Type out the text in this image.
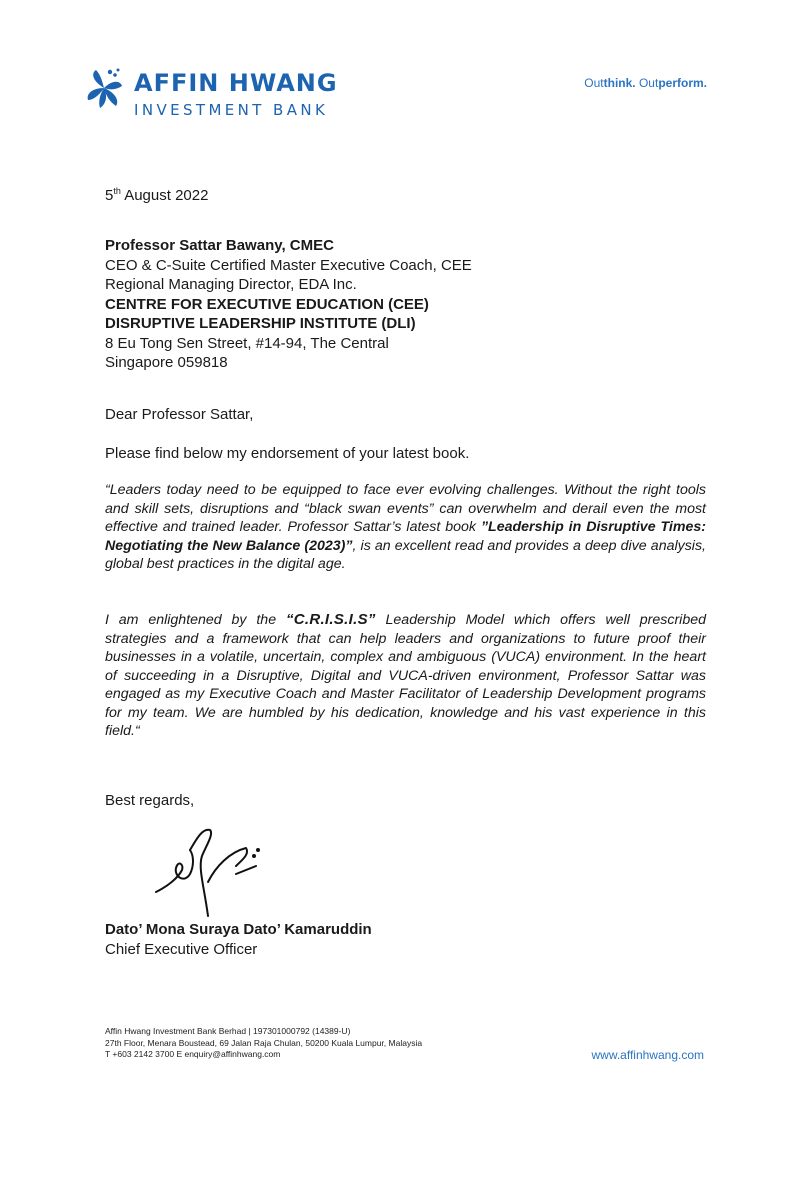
AFFIN HWANG
INVESTMENT BANK
Outthink. Outperform.
5th August 2022
Professor Sattar Bawany, CMEC
CEO & C-Suite Certified Master Executive Coach, CEE
Regional Managing Director, EDA Inc.
CENTRE FOR EXECUTIVE EDUCATION (CEE)
DISRUPTIVE LEADERSHIP INSTITUTE (DLI)
8 Eu Tong Sen Street, #14-94, The Central
Singapore 059818
Dear Professor Sattar,
Please find below my endorsement of your latest book.
“Leaders today need to be equipped to face ever evolving challenges. Without the right tools and skill sets, disruptions and “black swan events” can overwhelm and derail even the most effective and trained leader. Professor Sattar’s latest book ”Leadership in Disruptive Times: Negotiating the New Balance (2023)”, is an excellent read and provides a deep dive analysis, global best practices in the digital age.
I am enlightened by the “C.R.I.S.I.S” Leadership Model which offers well prescribed strategies and a framework that can help leaders and organizations to future proof their businesses in a volatile, uncertain, complex and ambiguous (VUCA) environment. In the heart of succeeding in a Disruptive, Digital and VUCA-driven environment, Professor Sattar was engaged as my Executive Coach and Master Facilitator of Leadership Development programs for my team. We are humbled by his dedication, knowledge and his vast experience in this field.“
Best regards,
Dato’ Mona Suraya Dato’ Kamaruddin
Chief Executive Officer
Affin Hwang Investment Bank Berhad | 197301000792 (14389-U)
27th Floor, Menara Boustead, 69 Jalan Raja Chulan, 50200 Kuala Lumpur, Malaysia
T +603 2142 3700 E enquiry@affinhwang.com	www.affinhwang.com
